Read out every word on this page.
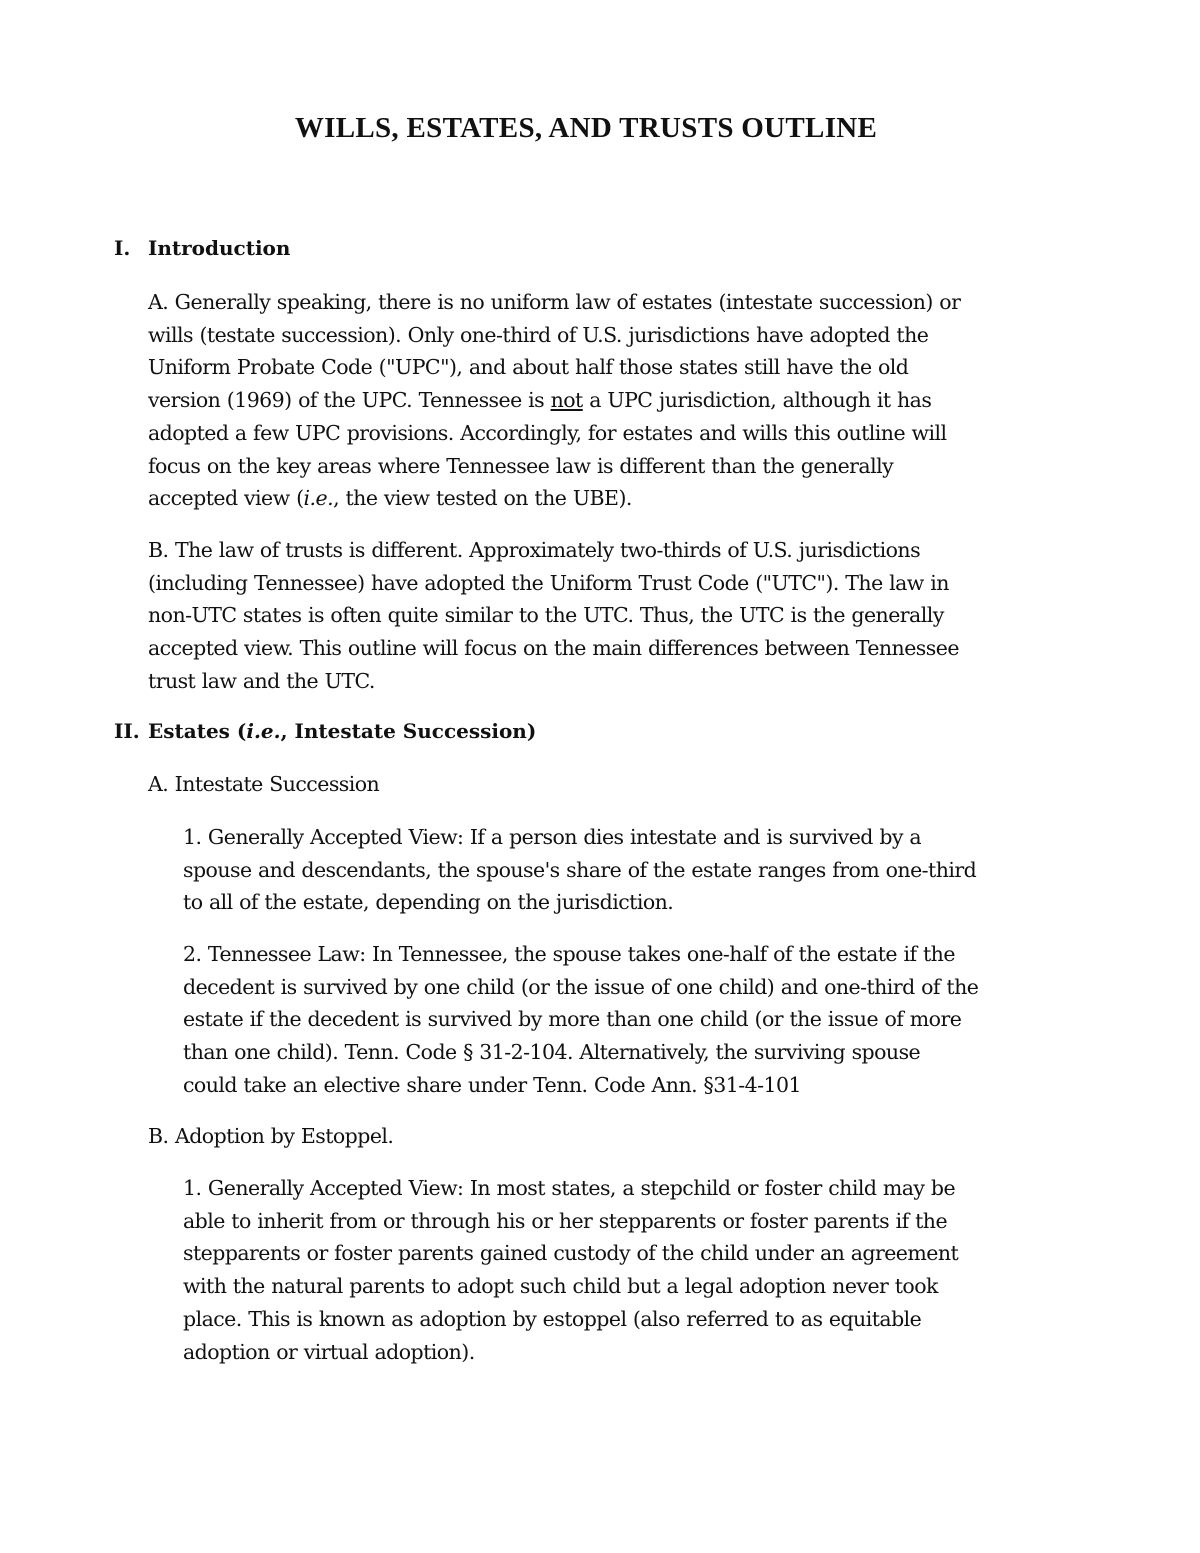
WILLS, ESTATES, AND TRUSTS OUTLINE
I. Introduction

A. Generally speaking, there is no uniform law of estates (intestate succession) or
wills (testate succession). Only one-third of U.S. jurisdictions have adopted the
Uniform Probate Code ("UPC"), and about half those states still have the old
version (1969) of the UPC. Tennessee is not a UPC jurisdiction, although it has
adopted a few UPC provisions. Accordingly, for estates and wills this outline will
focus on the key areas where Tennessee law is different than the generally
accepted view (i.e., the view tested on the UBE).

B. The law of trusts is different. Approximately two-thirds of U.S. jurisdictions
(including Tennessee) have adopted the Uniform Trust Code ("UTC"). The law in
non-UTC states is often quite similar to the UTC. Thus, the UTC is the generally
accepted view. This outline will focus on the main differences between Tennessee
trust law and the UTC.

II. Estates (i.e., Intestate Succession)

A. Intestate Succession

1. Generally Accepted View: If a person dies intestate and is survived by a
spouse and descendants, the spouse's share of the estate ranges from one-third
to all of the estate, depending on the jurisdiction.

2. Tennessee Law: In Tennessee, the spouse takes one-half of the estate if the
decedent is survived by one child (or the issue of one child) and one-third of the
estate if the decedent is survived by more than one child (or the issue of more
than one child). Tenn. Code § 31-2-104. Alternatively, the surviving spouse
could take an elective share under Tenn. Code Ann. §31-4-101

B. Adoption by Estoppel.

1. Generally Accepted View: In most states, a stepchild or foster child may be
able to inherit from or through his or her stepparents or foster parents if the
stepparents or foster parents gained custody of the child under an agreement
with the natural parents to adopt such child but a legal adoption never took
place. This is known as adoption by estoppel (also referred to as equitable
adoption or virtual adoption).
